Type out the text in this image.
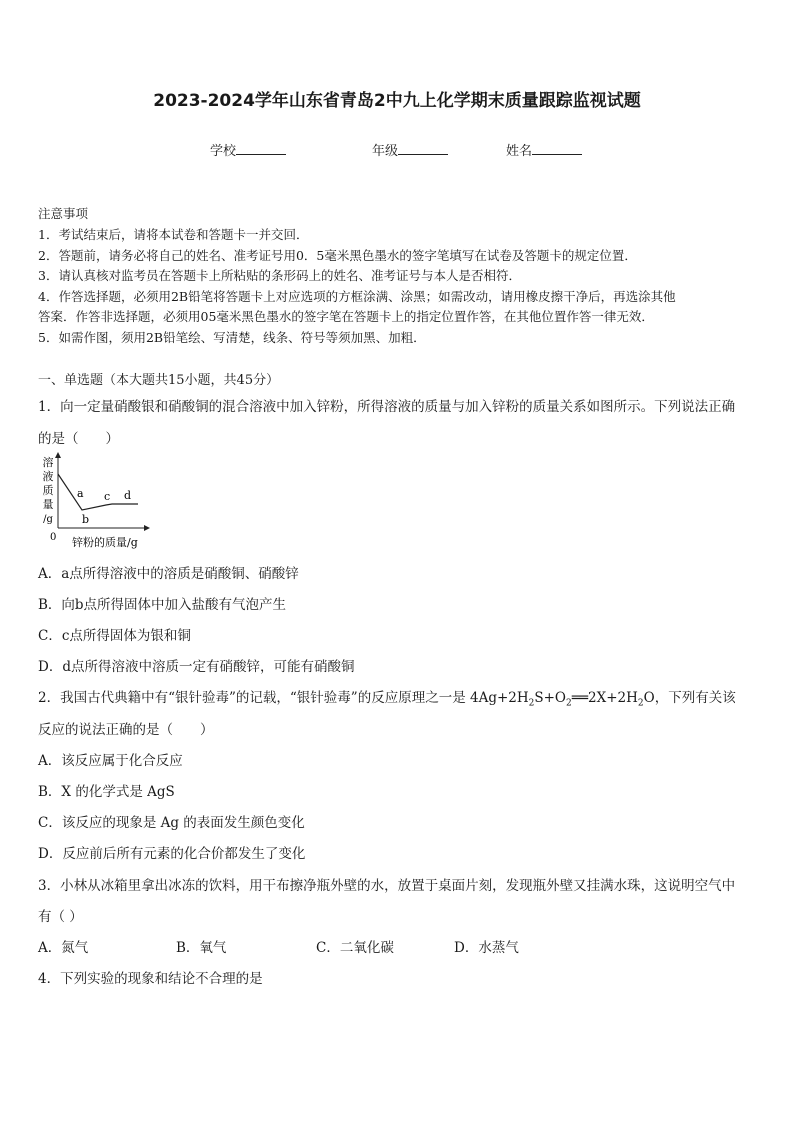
2023-2024学年山东省青岛2中九上化学期末质量跟踪监视试题
学校	年级	姓名
注意事项
1．考试结束后，请将本试卷和答题卡一并交回．
2．答题前，请务必将自己的姓名、准考证号用0．5毫米黑色墨水的签字笔填写在试卷及答题卡的规定位置．
3．请认真核对监考员在答题卡上所粘贴的条形码上的姓名、准考证号与本人是否相符．
4．作答选择题，必须用2B铅笔将答题卡上对应选项的方框涂满、涂黑；如需改动，请用橡皮擦干净后，再选涂其他
答案．作答非选择题，必须用05毫米黑色墨水的签字笔在答题卡上的指定位置作答，在其他位置作答一律无效．
5．如需作图，须用2B铅笔绘、写清楚，线条、符号等须加黑、加粗．
一、单选题（本大题共15小题，共45分）
1．向一定量硝酸银和硝酸铜的混合溶液中加入锌粉，所得溶液的质量与加入锌粉的质量关系如图所示。下列说法正确
的是（　　）
溶
液
质
量
/g
a
b
c d
0 锌粉的质量/g
A．a点所得溶液中的溶质是硝酸铜、硝酸锌
B．向b点所得固体中加入盐酸有气泡产生
C．c点所得固体为银和铜
D．d点所得溶液中溶质一定有硝酸锌，可能有硝酸铜
2．我国古代典籍中有“银针验毒”的记载，“银针验毒”的反应原理之一是 $4Ag+2H_2S+O_2══2X+2H_2O$，下列有关该
反应的说法正确的是（　　）
A．该反应属于化合反应
B．X 的化学式是 AgS
C．该反应的现象是 Ag 的表面发生颜色变化
D．反应前后所有元素的化合价都发生了变化
3．小林从冰箱里拿出冰冻的饮料，用干布擦净瓶外壁的水，放置于桌面片刻，发现瓶外壁又挂满水珠，这说明空气中
有（ ）
A．氮气	B．氧气	C．二氧化碳	D．水蒸气
4．下列实验的现象和结论不合理的是
